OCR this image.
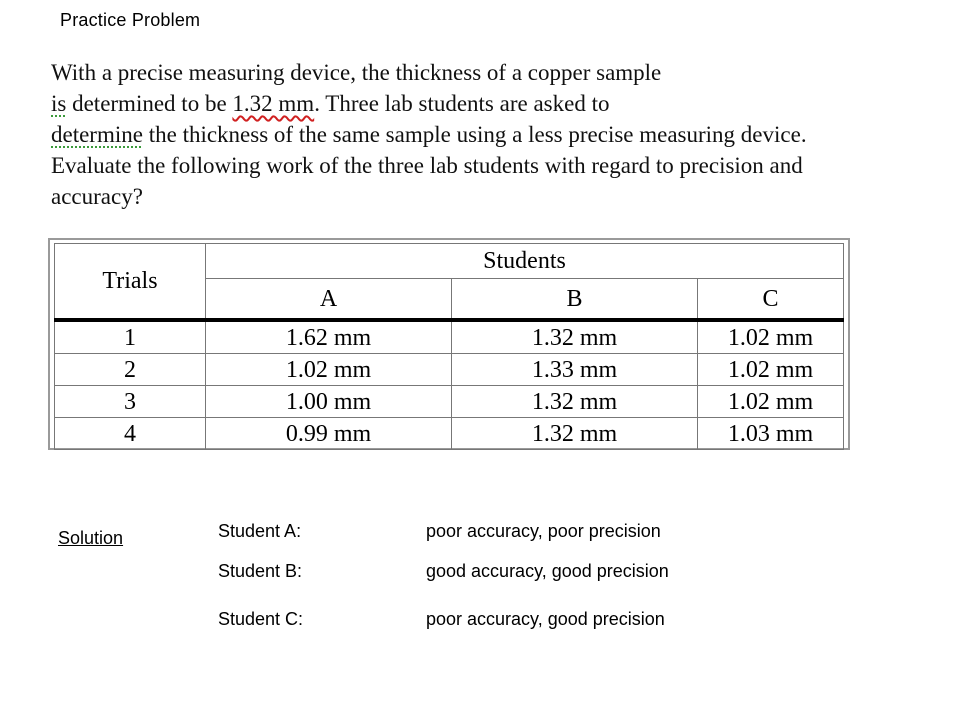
Practice Problem
With a precise measuring device, the thickness of a copper sample
is determined to be 1.32 mm. Three lab students are asked to
determine the thickness of the same sample using a less precise measuring device.
Evaluate the following work of the three lab students with regard to precision and
accuracy?
Trials	Students		
	A	B	C
1	1.62 mm	1.32 mm	1.02 mm
2	1.02 mm	1.33 mm	1.02 mm
3	1.00 mm	1.32 mm	1.02 mm
4	0.99 mm	1.32 mm	1.03 mm
Solution	Student A:	poor accuracy, poor precision
Student B:	good accuracy, good precision
Student C:	poor accuracy, good precision
